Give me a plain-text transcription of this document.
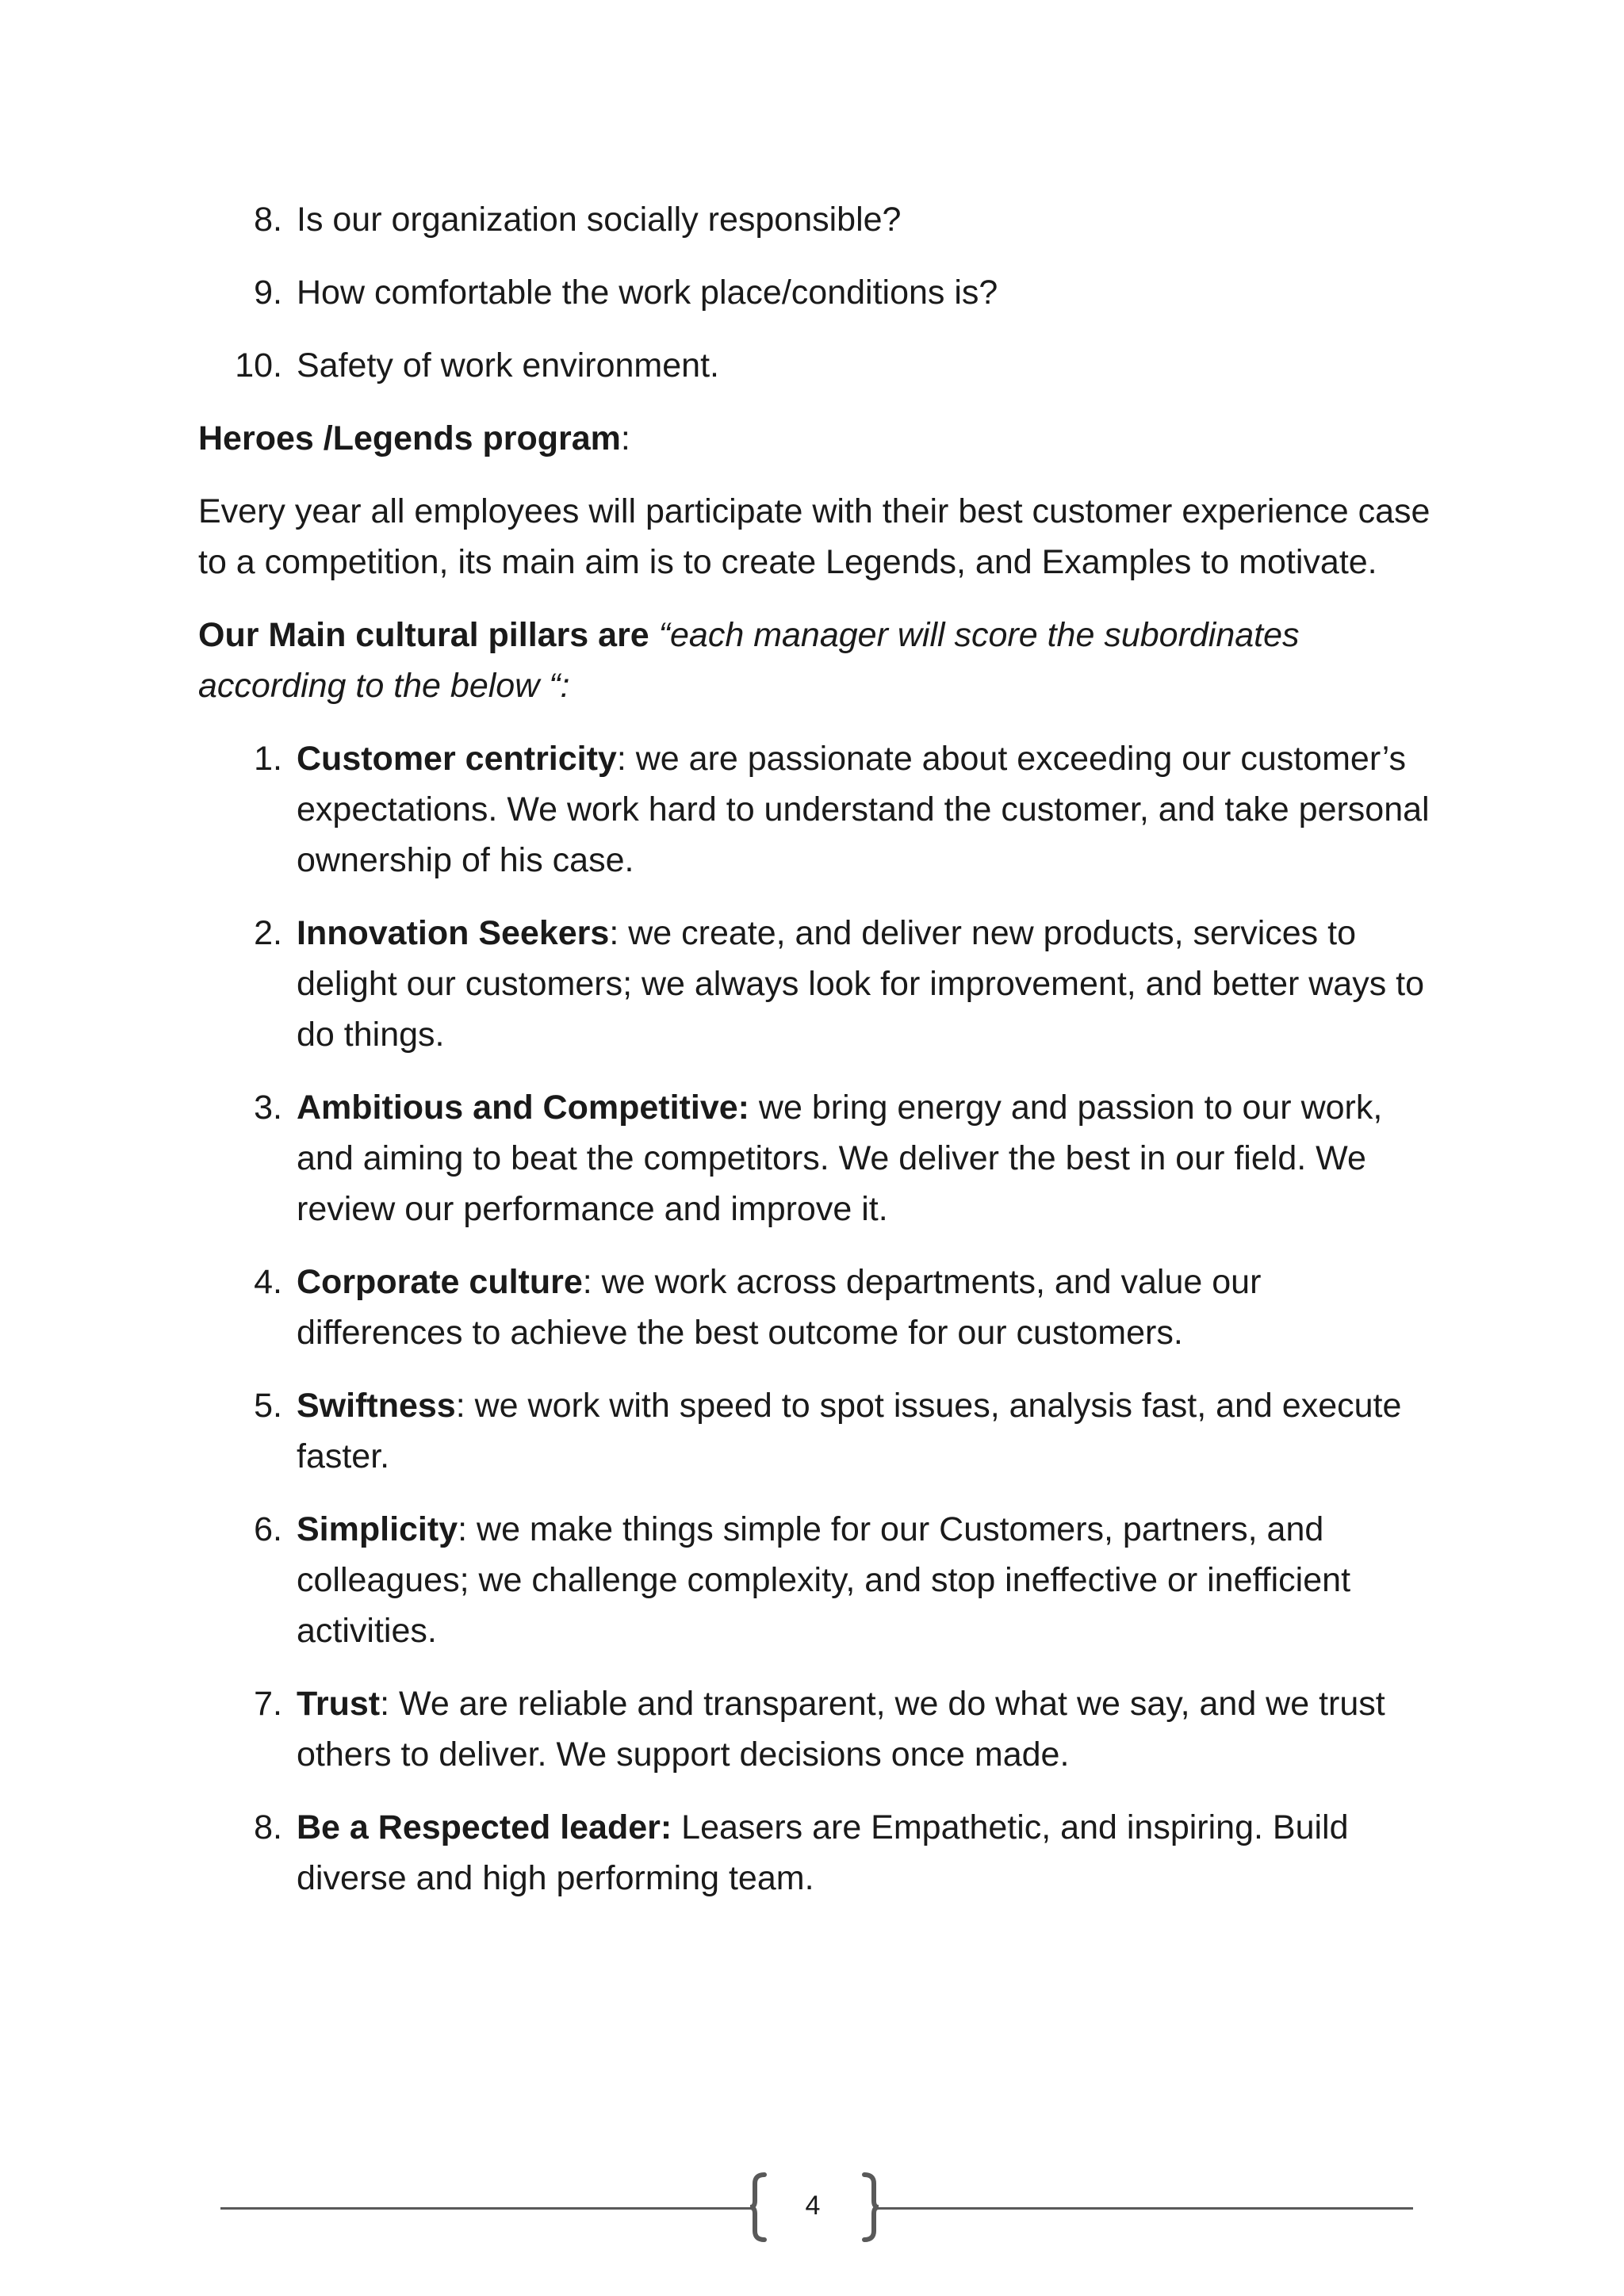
8. Is our organization socially responsible?
9. How comfortable the work place/conditions is?
10. Safety of work environment.

Heroes /Legends program:

Every year all employees will participate with their best customer experience case to a competition, its main aim is to create Legends, and Examples to motivate.

Our Main cultural pillars are “each manager will score the subordinates according to the below “:

1. Customer centricity: we are passionate about exceeding our customer’s expectations. We work hard to understand the customer, and take personal ownership of his case.
2. Innovation Seekers: we create, and deliver new products, services to delight our customers; we always look for improvement, and better ways to do things.
3. Ambitious and Competitive: we bring energy and passion to our work, and aiming to beat the competitors. We deliver the best in our field. We review our performance and improve it.
4. Corporate culture: we work across departments, and value our differences to achieve the best outcome for our customers.
5. Swiftness: we work with speed to spot issues, analysis fast, and execute faster.
6. Simplicity: we make things simple for our Customers, partners, and colleagues; we challenge complexity, and stop ineffective or inefficient activities.
7. Trust: We are reliable and transparent, we do what we say, and we trust others to deliver. We support decisions once made.
8. Be a Respected leader: Leasers are Empathetic, and inspiring. Build diverse and high performing team.
4
